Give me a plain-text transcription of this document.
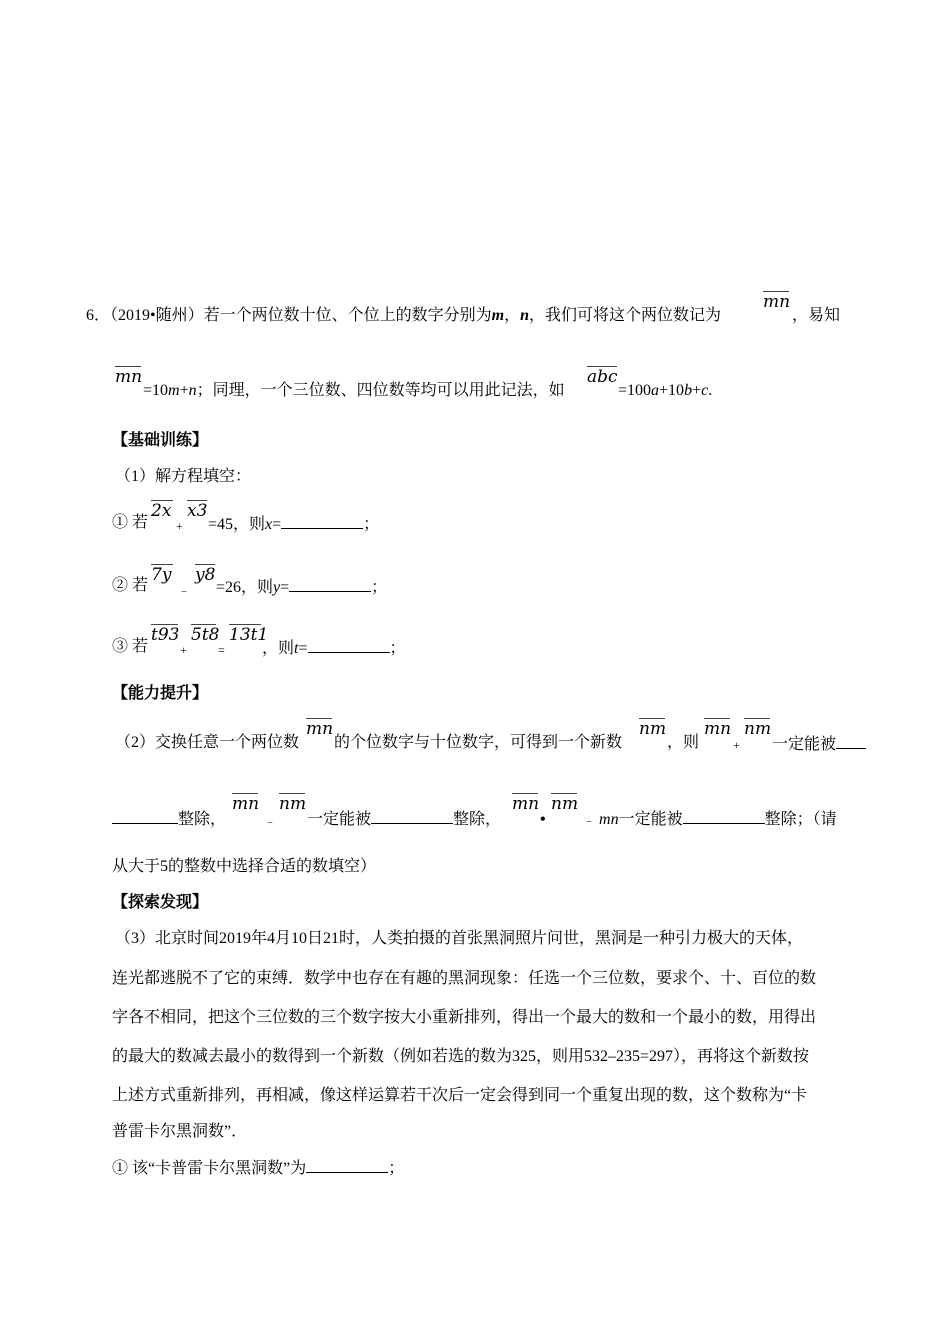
6．（2019•随州）若一个两位数十位、个位上的数字分别为m，n，我们可将这个两位数记为
mn
，易知
mn
=10m+n；同理，一个三位数、四位数等均可以用此记法，如
abc
=100a+10b+c.
【基础训练】
（1）解方程填空：
① 若
2x
+
x3
=45，则x=	；
② 若
7y
﹣
y8
=26，则y=	；
③ 若
t93
+
5t8
=
13t1
，则t=	；
【能力提升】
（2）交换任意一个两位数
mn
的个位数字与十位数字，可得到一个新数
nm
，则
mn
+
nm
一定能被
整除，
mn
﹣
nm
一定能被	整除，
mn
•
nm
﹣ mn一定能被	整除；（请
从大于5的整数中选择合适的数填空）
【探索发现】
（3）北京时间2019年4月10日21时，人类拍摄的首张黑洞照片问世，黑洞是一种引力极大的天体，
连光都逃脱不了它的束缚．数学中也存在有趣的黑洞现象：任选一个三位数，要求个、十、百位的数
字各不相同，把这个三位数的三个数字按大小重新排列，得出一个最大的数和一个最小的数，用得出
的最大的数减去最小的数得到一个新数（例如若选的数为325，则用532–235=297），再将这个新数按
上述方式重新排列，再相减，像这样运算若干次后一定会得到同一个重复出现的数，这个数称为“卡
普雷卡尔黑洞数”．
① 该“卡普雷卡尔黑洞数”为	；
